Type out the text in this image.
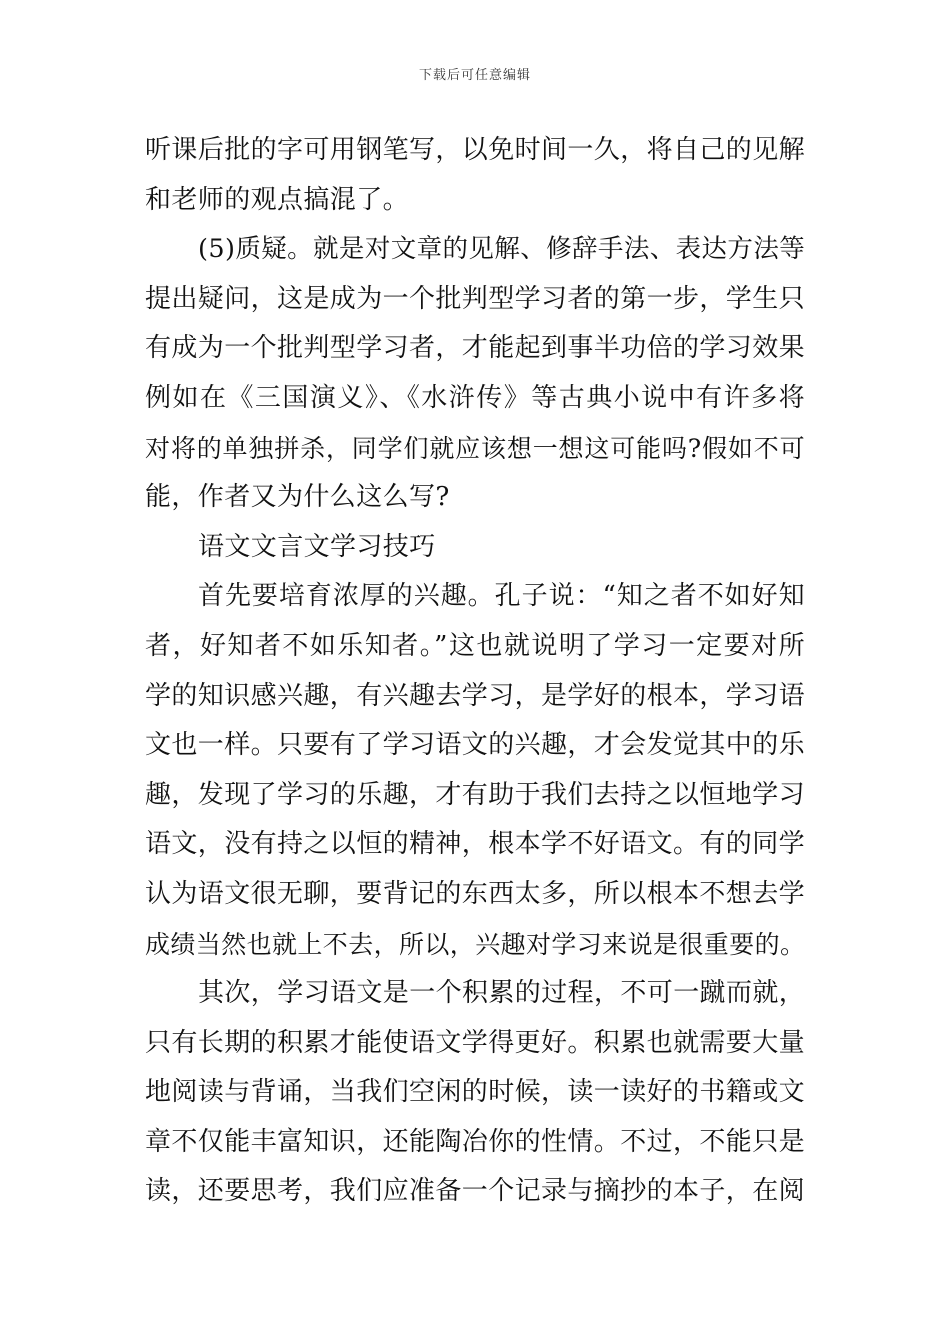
下载后可任意编辑
听课后批的字可用钢笔写，以免时间一久，将自己的见解
和老师的观点搞混了。
(5)质疑。就是对文章的见解、修辞手法、表达方法等
提出疑问，这是成为一个批判型学习者的第一步，学生只
有成为一个批判型学习者，才能起到事半功倍的学习效果
例如在《三国演义》、《水浒传》等古典小说中有许多将
对将的单独拼杀，同学们就应该想一想这可能吗?假如不可
能，作者又为什么这么写?
语文文言文学习技巧
首先要培育浓厚的兴趣。孔子说：“知之者不如好知
者，好知者不如乐知者。”这也就说明了学习一定要对所
学的知识感兴趣，有兴趣去学习，是学好的根本，学习语
文也一样。只要有了学习语文的兴趣，才会发觉其中的乐
趣，发现了学习的乐趣，才有助于我们去持之以恒地学习
语文，没有持之以恒的精神，根本学不好语文。有的同学
认为语文很无聊，要背记的东西太多，所以根本不想去学
成绩当然也就上不去，所以，兴趣对学习来说是很重要的。
其次，学习语文是一个积累的过程，不可一蹴而就，
只有长期的积累才能使语文学得更好。积累也就需要大量
地阅读与背诵，当我们空闲的时候，读一读好的书籍或文
章不仅能丰富知识，还能陶冶你的性情。不过，不能只是
读，还要思考，我们应准备一个记录与摘抄的本子，在阅
